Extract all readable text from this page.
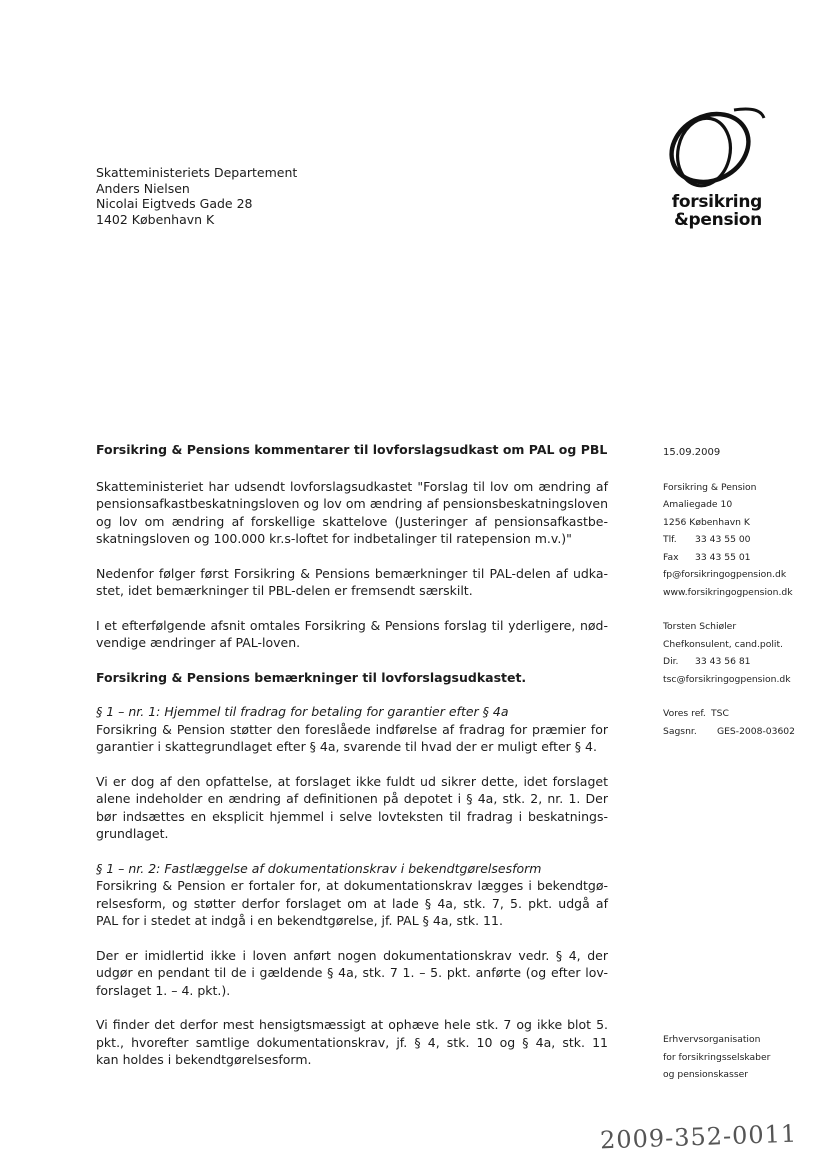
Skatteministeriets Departement
Anders Nielsen
Nicolai Eigtveds Gade 28
1402 København K
forsikring
&pension

Forsikring & Pensions kommentarer til lovforslagsudkast om PAL og PBL

Skatteministeriet har udsendt lovforslagsudkastet "Forslag til lov om ændring af
pensionsafkastbeskatningsloven og lov om ændring af pensionsbeskatningsloven
og lov om ændring af forskellige skattelove (Justeringer af pensionsafkastbe-
skatningsloven og 100.000 kr.s-loftet for indbetalinger til ratepension m.v.)"

Nedenfor følger først Forsikring & Pensions bemærkninger til PAL-delen af udka-
stet, idet bemærkninger til PBL-delen er fremsendt særskilt.

I et efterfølgende afsnit omtales Forsikring & Pensions forslag til yderligere, nød-
vendige ændringer af PAL-loven.

Forsikring & Pensions bemærkninger til lovforslagsudkastet.

§ 1 – nr. 1: Hjemmel til fradrag for betaling for garantier efter § 4a
Forsikring & Pension støtter den foreslåede indførelse af fradrag for præmier for
garantier i skattegrundlaget efter § 4a, svarende til hvad der er muligt efter § 4.

Vi er dog af den opfattelse, at forslaget ikke fuldt ud sikrer dette, idet forslaget
alene indeholder en ændring af definitionen på depotet i § 4a, stk. 2, nr. 1. Der
bør indsættes en eksplicit hjemmel i selve lovteksten til fradrag i beskatnings-
grundlaget.

§ 1 – nr. 2: Fastlæggelse af dokumentationskrav i bekendtgørelsesform
Forsikring & Pension er fortaler for, at dokumentationskrav lægges i bekendtgø-
relsesform, og støtter derfor forslaget om at lade § 4a, stk. 7, 5. pkt. udgå af
PAL for i stedet at indgå i en bekendtgørelse, jf. PAL § 4a, stk. 11.

Der er imidlertid ikke i loven anført nogen dokumentationskrav vedr. § 4, der
udgør en pendant til de i gældende § 4a, stk. 7 1. – 5. pkt. anførte (og efter lov-
forslaget 1. – 4. pkt.).

Vi finder det derfor mest hensigtsmæssigt at ophæve hele stk. 7 og ikke blot 5.
pkt., hvorefter samtlige dokumentationskrav, jf. § 4, stk. 10 og § 4a, stk. 11
kan holdes i bekendtgørelsesform.

15.09.2009
Forsikring & Pension
Amaliegade 10
1256 København K
Tlf. 33 43 55 00
Fax 33 43 55 01
fp@forsikringogpension.dk
www.forsikringogpension.dk
Torsten Schiøler
Chefkonsulent, cand.polit.
Dir. 33 43 56 81
tsc@forsikringogpension.dk
Vores ref. TSC
Sagsnr. GES-2008-03602
Erhvervsorganisation
for forsikringsselskaber
og pensionskasser
2009-352-0011
